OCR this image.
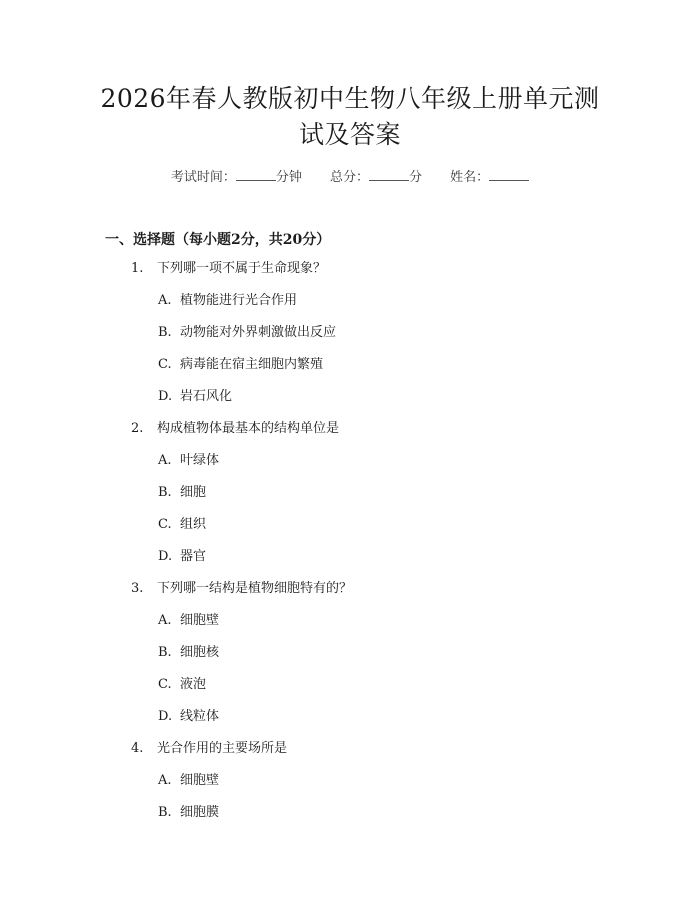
2026年春人教版初中生物八年级上册单元测
试及答案
考试时间：	分钟 总分：	分 姓名：
一、选择题（每小题2分，共20分）
1. 下列哪一项不属于生命现象？
A. 植物能进行光合作用
B. 动物能对外界刺激做出反应
C. 病毒能在宿主细胞内繁殖
D. 岩石风化
2. 构成植物体最基本的结构单位是
A. 叶绿体
B. 细胞
C. 组织
D. 器官
3. 下列哪一结构是植物细胞特有的？
A. 细胞壁
B. 细胞核
C. 液泡
D. 线粒体
4. 光合作用的主要场所是
A. 细胞壁
B. 细胞膜
